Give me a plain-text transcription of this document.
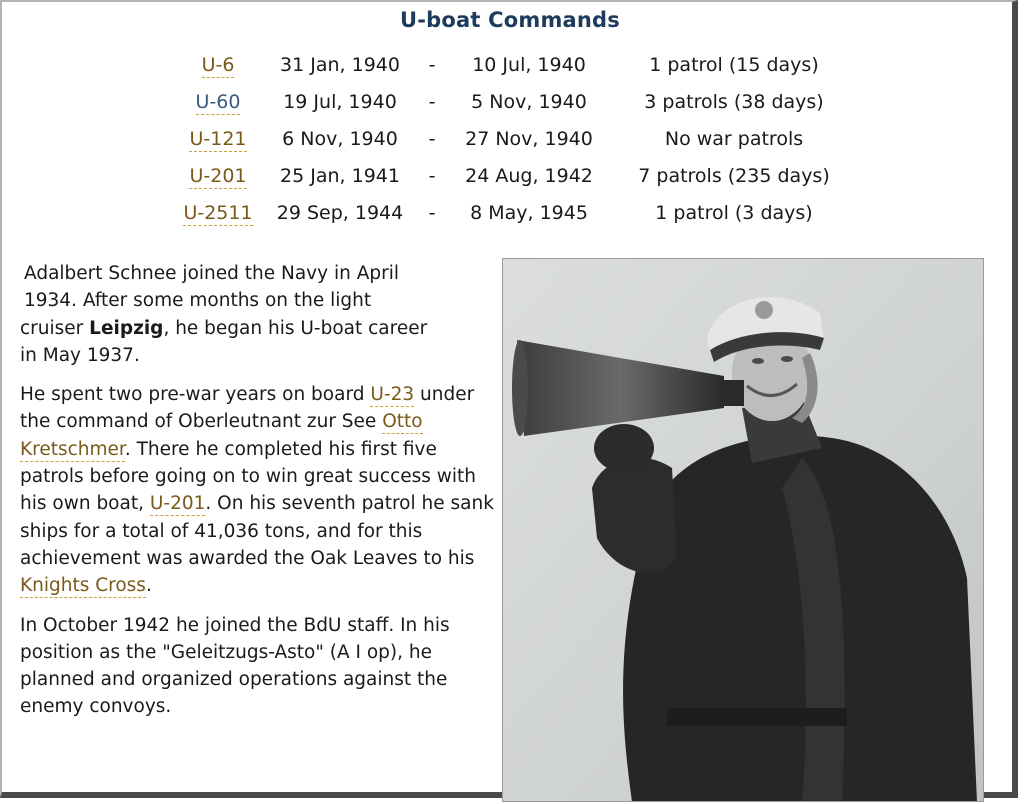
U-boat Commands
U-6	31 Jan, 1940	-	10 Jul, 1940	1 patrol (15 days)
U-60	19 Jul, 1940	-	5 Nov, 1940	3 patrols (38 days)
U-121	6 Nov, 1940	-	27 Nov, 1940	No war patrols
U-201	25 Jan, 1941	-	24 Aug, 1942	7 patrols (235 days)
U-2511	29 Sep, 1944	-	8 May, 1945	1 patrol (3 days)

Adalbert Schnee joined the Navy in April
1934. After some months on the light
cruiser Leipzig, he began his U-boat career
in May 1937.

He spent two pre-war years on board U-23 under the command of Oberleutnant zur See Otto Kretschmer. There he completed his first five patrols before going on to win great success with his own boat, U-201. On his seventh patrol he sank ships for a total of 41,036 tons, and for this achievement was awarded the Oak Leaves to his Knights Cross.

In October 1942 he joined the BdU staff. In his position as the "Geleitzugs-Asto" (A I op), he planned and organized operations against the enemy convoys.
